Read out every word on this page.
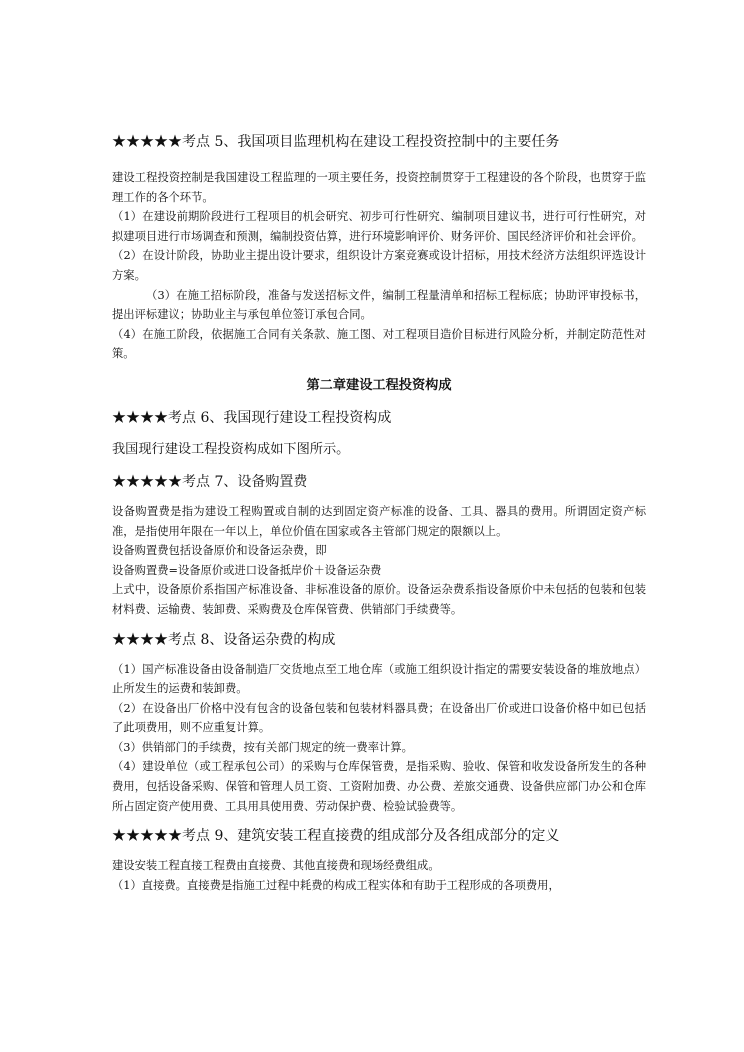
★★★★★考点 5、我国项目监理机构在建设工程投资控制中的主要任务

建设工程投资控制是我国建设工程监理的一项主要任务，投资控制贯穿于工程建设的各个阶段，也贯穿于监理工作的各个环节。

（1）在建设前期阶段进行工程项目的机会研究、初步可行性研究、编制项目建议书，进行可行性研究，对拟建项目进行市场调查和预测，编制投资估算，进行环境影响评价、财务评价、国民经济评价和社会评价。

（2）在设计阶段，协助业主提出设计要求，组织设计方案竞赛或设计招标，用技术经济方法组织评选设计方案。

（3）在施工招标阶段，准备与发送招标文件，编制工程量清单和招标工程标底；协助评审投标书，提出评标建议；协助业主与承包单位签订承包合同。

（4）在施工阶段，依据施工合同有关条款、施工图、对工程项目造价目标进行风险分析，并制定防范性对策。

第二章建设工程投资构成

★★★★考点 6、我国现行建设工程投资构成

我国现行建设工程投资构成如下图所示。

★★★★★考点 7、设备购置费

设备购置费是指为建设工程购置或自制的达到固定资产标准的设备、工具、器具的费用。所谓固定资产标准，是指使用年限在一年以上，单位价值在国家或各主管部门规定的限额以上。

设备购置费包括设备原价和设备运杂费，即

设备购置费=设备原价或进口设备抵岸价＋设备运杂费

上式中，设备原价系指国产标准设备、非标准设备的原价。设备运杂费系指设备原价中未包括的包装和包装材料费、运输费、装卸费、采购费及仓库保管费、供销部门手续费等。

★★★★考点 8、设备运杂费的构成

（1）国产标准设备由设备制造厂交货地点至工地仓库（或施工组织设计指定的需要安装设备的堆放地点）止所发生的运费和装卸费。

（2）在设备出厂价格中没有包含的设备包装和包装材料器具费；在设备出厂价或进口设备价格中如已包括了此项费用，则不应重复计算。

（3）供销部门的手续费，按有关部门规定的统一费率计算。

（4）建设单位（或工程承包公司）的采购与仓库保管费，是指采购、验收、保管和收发设备所发生的各种费用，包括设备采购、保管和管理人员工资、工资附加费、办公费、差旅交通费、设备供应部门办公和仓库所占固定资产使用费、工具用具使用费、劳动保护费、检验试验费等。

★★★★★考点 9、建筑安装工程直接费的组成部分及各组成部分的定义

建设安装工程直接工程费由直接费、其他直接费和现场经费组成。

（1）直接费。直接费是指施工过程中耗费的构成工程实体和有助于工程形成的各项费用，
